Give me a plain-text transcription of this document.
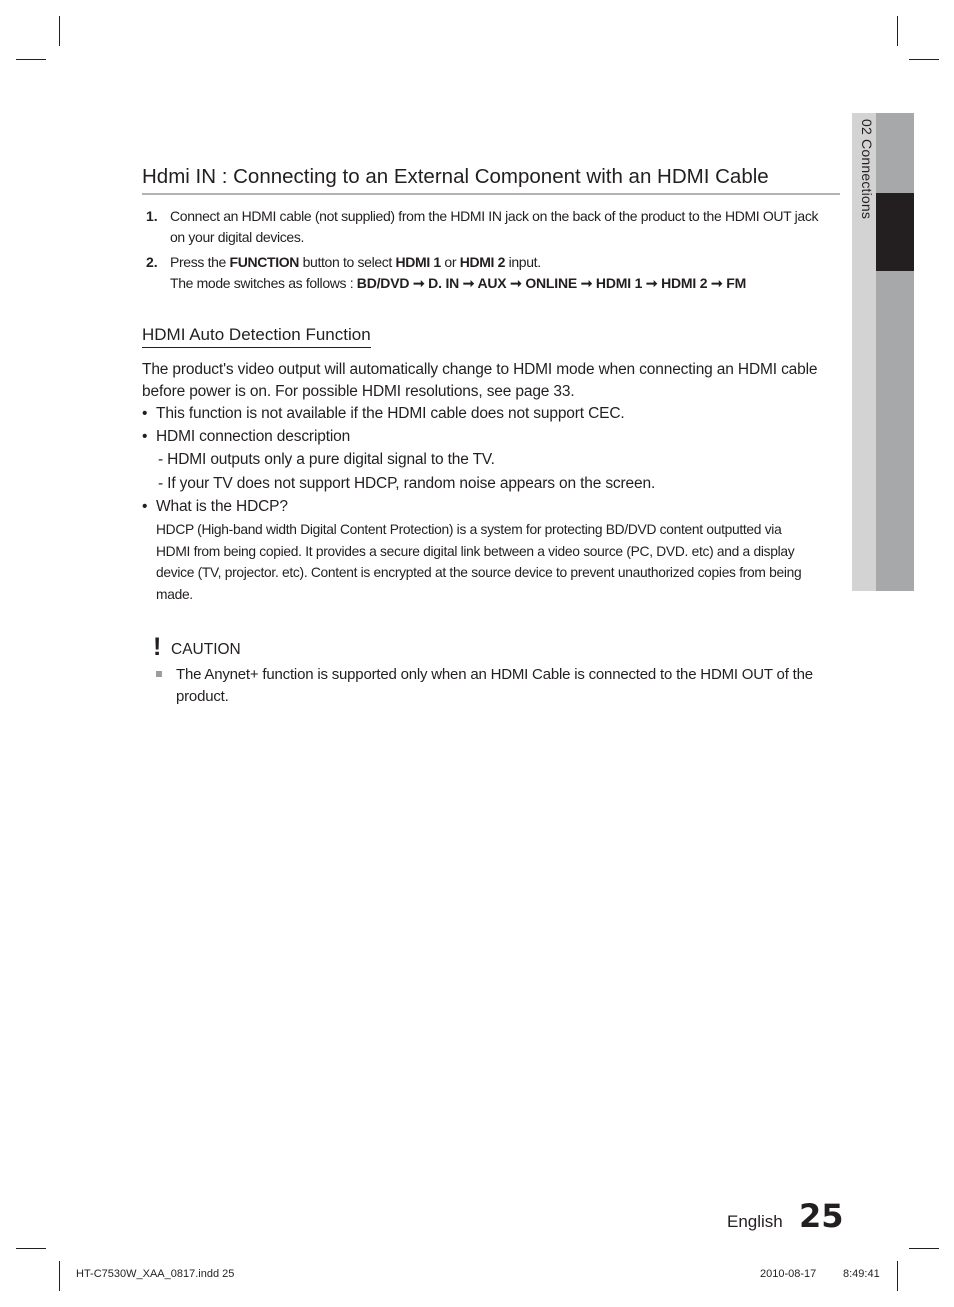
02 Connections
Hdmi IN : Connecting to an External Component with an HDMI Cable
1. Connect an HDMI cable (not supplied) from the HDMI IN jack on the back of the product to the HDMI OUT jack
on your digital devices.
2. Press the FUNCTION button to select HDMI 1 or HDMI 2 input.
The mode switches as follows : BD/DVD ➞ D. IN ➞ AUX ➞ ONLINE ➞ HDMI 1 ➞ HDMI 2 ➞ FM
HDMI Auto Detection Function
The product's video output will automatically change to HDMI mode when connecting an HDMI cable
before power is on. For possible HDMI resolutions, see page 33.
• This function is not available if the HDMI cable does not support CEC.
• HDMI connection description
- HDMI outputs only a pure digital signal to the TV.
- If your TV does not support HDCP, random noise appears on the screen.
• What is the HDCP?
HDCP (High-band width Digital Content Protection) is a system for protecting BD/DVD content outputted via
HDMI from being copied. It provides a secure digital link between a video source (PC, DVD. etc) and a display
device (TV, projector. etc). Content is encrypted at the source device to prevent unauthorized copies from being
made.
! CAUTION
The Anynet+ function is supported only when an HDMI Cable is connected to the HDMI OUT of the
product.
English 25
HT-C7530W_XAA_0817.indd 25	2010-08-17 8:49:41
